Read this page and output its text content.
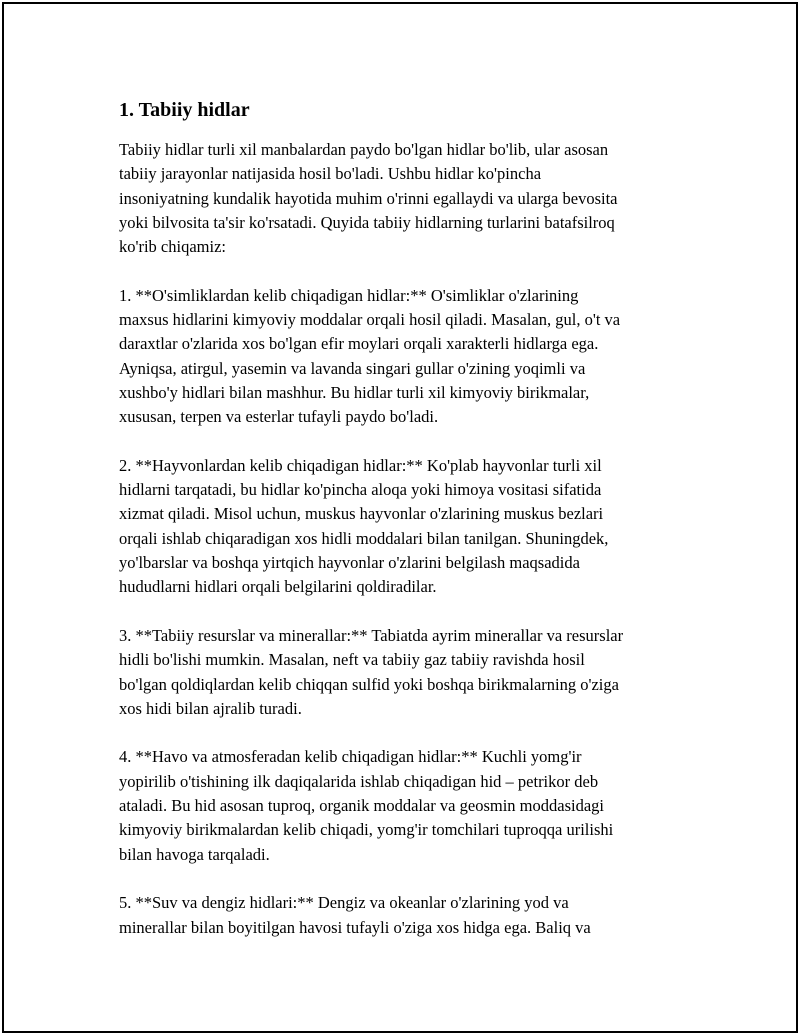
1. Tabiiy hidlar
Tabiiy hidlar turli xil manbalardan paydo bo'lgan hidlar bo'lib, ular asosan
tabiiy jarayonlar natijasida hosil bo'ladi. Ushbu hidlar ko'pincha
insoniyatning kundalik hayotida muhim o'rinni egallaydi va ularga bevosita
yoki bilvosita ta'sir ko'rsatadi. Quyida tabiiy hidlarning turlarini batafsilroq
ko'rib chiqamiz:
1. **O'simliklardan kelib chiqadigan hidlar:** O'simliklar o'zlarining
maxsus hidlarini kimyoviy moddalar orqali hosil qiladi. Masalan, gul, o't va
daraxtlar o'zlarida xos bo'lgan efir moylari orqali xarakterli hidlarga ega.
Ayniqsa, atirgul, yasemin va lavanda singari gullar o'zining yoqimli va
xushbo'y hidlari bilan mashhur. Bu hidlar turli xil kimyoviy birikmalar,
xususan, terpen va esterlar tufayli paydo bo'ladi.
2. **Hayvonlardan kelib chiqadigan hidlar:** Ko'plab hayvonlar turli xil
hidlarni tarqatadi, bu hidlar ko'pincha aloqa yoki himoya vositasi sifatida
xizmat qiladi. Misol uchun, muskus hayvonlar o'zlarining muskus bezlari
orqali ishlab chiqaradigan xos hidli moddalari bilan tanilgan. Shuningdek,
yo'lbarslar va boshqa yirtqich hayvonlar o'zlarini belgilash maqsadida
hududlarni hidlari orqali belgilarini qoldiradilar.
3. **Tabiiy resurslar va minerallar:** Tabiatda ayrim minerallar va resurslar
hidli bo'lishi mumkin. Masalan, neft va tabiiy gaz tabiiy ravishda hosil
bo'lgan qoldiqlardan kelib chiqqan sulfid yoki boshqa birikmalarning o'ziga
xos hidi bilan ajralib turadi.
4. **Havo va atmosferadan kelib chiqadigan hidlar:** Kuchli yomg'ir
yopirilib o'tishining ilk daqiqalarida ishlab chiqadigan hid – petrikor deb
ataladi. Bu hid asosan tuproq, organik moddalar va geosmin moddasidagi
kimyoviy birikmalardan kelib chiqadi, yomg'ir tomchilari tuproqqa urilishi
bilan havoga tarqaladi.
5. **Suv va dengiz hidlari:** Dengiz va okeanlar o'zlarining yod va
minerallar bilan boyitilgan havosi tufayli o'ziga xos hidga ega. Baliq va
